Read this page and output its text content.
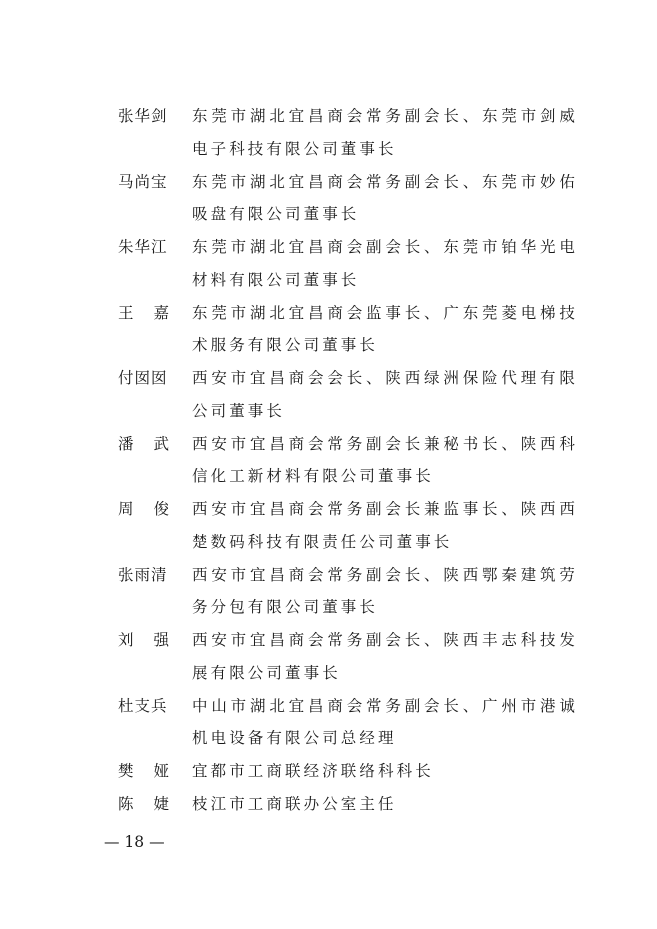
张华剑 东莞市湖北宜昌商会常务副会长、东莞市剑威电子科技有限公司董事长
马尚宝 东莞市湖北宜昌商会常务副会长、东莞市妙佑吸盘有限公司董事长
朱华江 东莞市湖北宜昌商会副会长、东莞市铂华光电材料有限公司董事长
王 嘉 东莞市湖北宜昌商会监事长、广东莞菱电梯技术服务有限公司董事长
付囡囡 西安市宜昌商会会长、陕西绿洲保险代理有限公司董事长
潘 武 西安市宜昌商会常务副会长兼秘书长、陕西科信化工新材料有限公司董事长
周 俊 西安市宜昌商会常务副会长兼监事长、陕西西楚数码科技有限责任公司董事长
张雨清 西安市宜昌商会常务副会长、陕西鄂秦建筑劳务分包有限公司董事长
刘 强 西安市宜昌商会常务副会长、陕西丰志科技发展有限公司董事长
杜支兵 中山市湖北宜昌商会常务副会长、广州市港诚机电设备有限公司总经理
樊 娅 宜都市工商联经济联络科科长
陈 婕 枝江市工商联办公室主任
— 18 —
